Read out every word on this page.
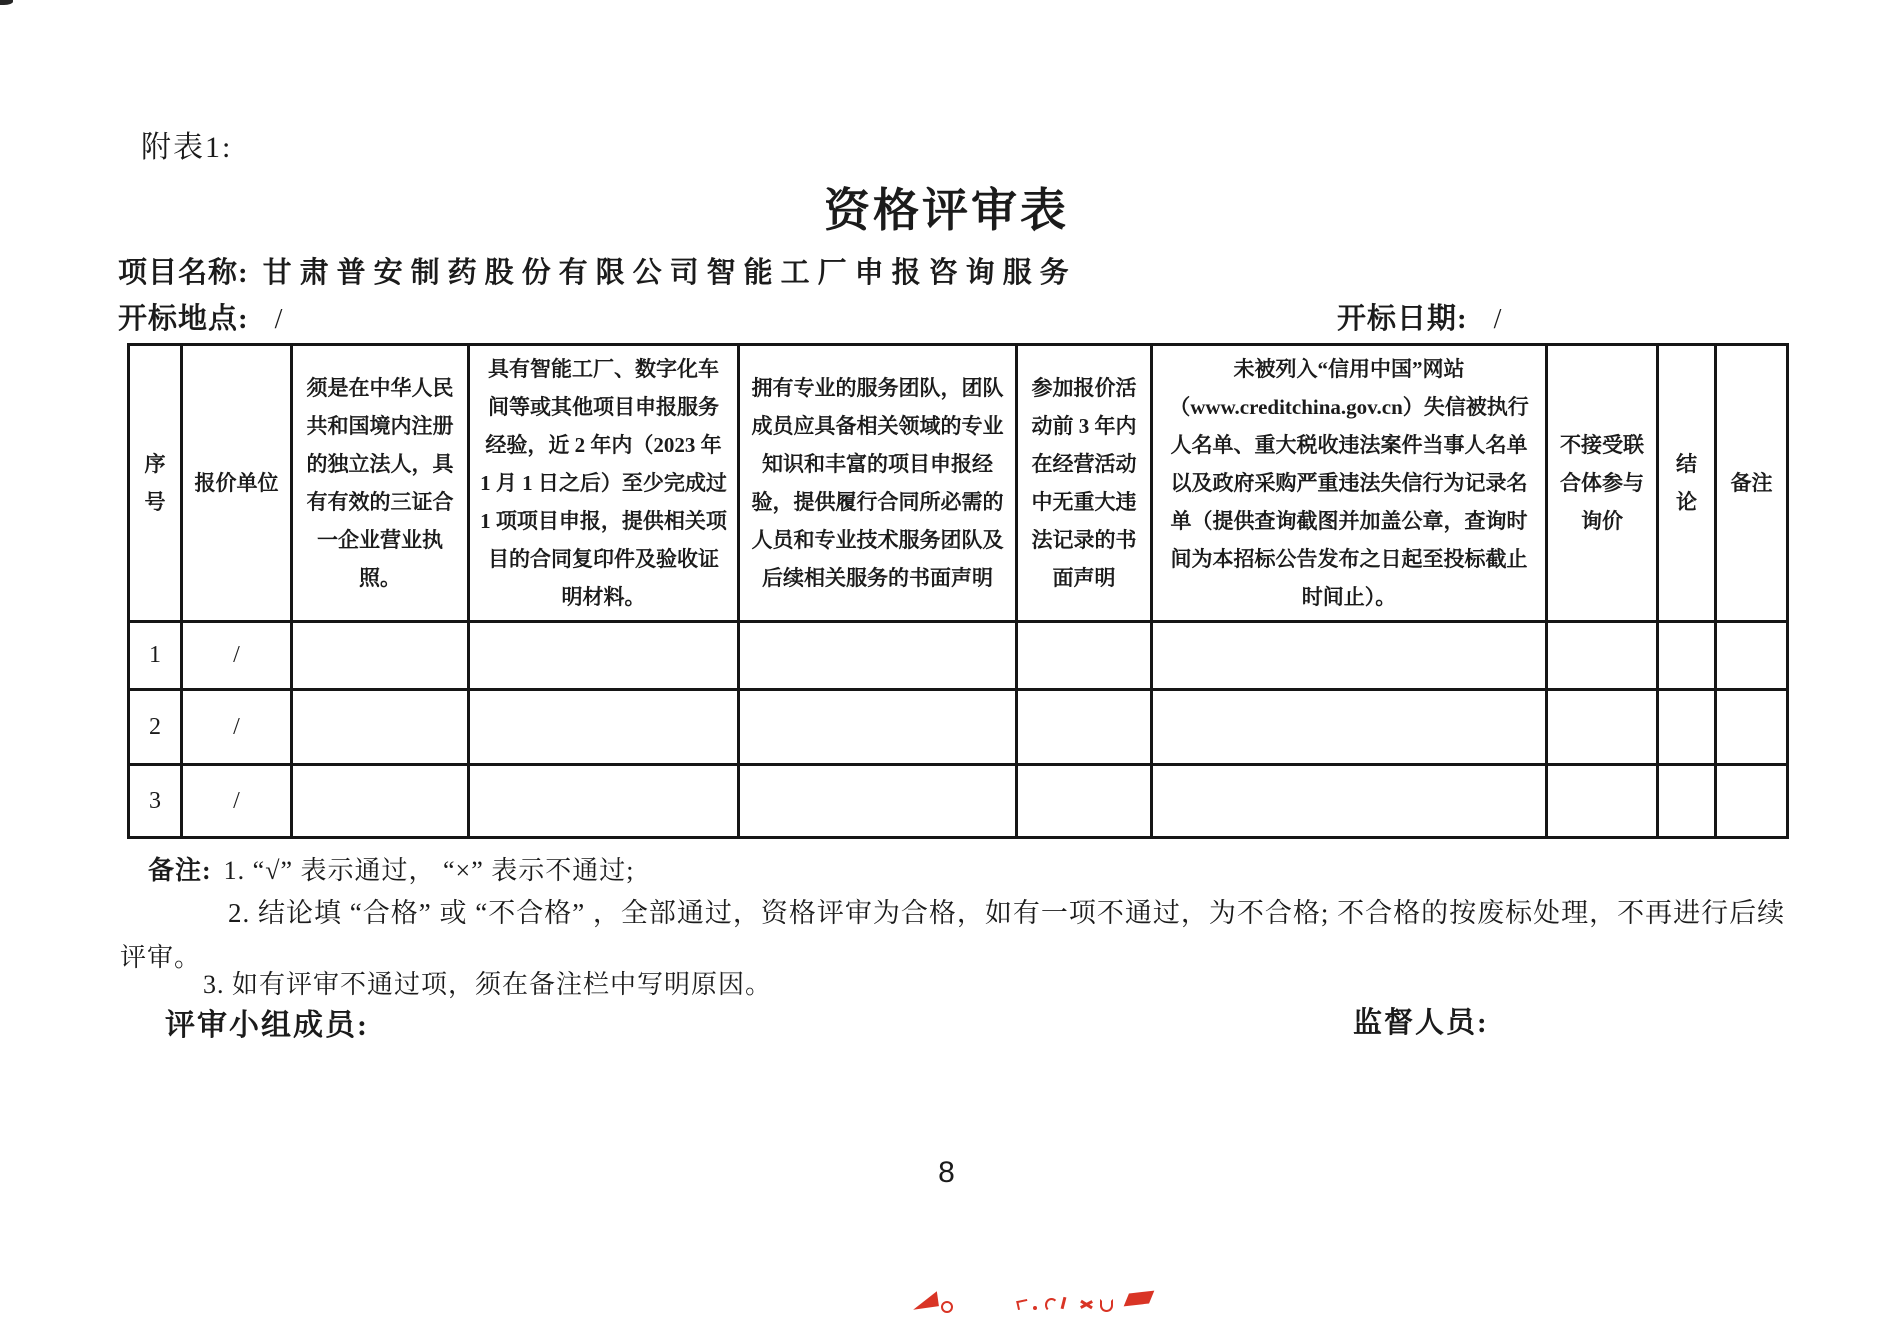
附表1:
资格评审表
项目名称: 甘肃普安制药股份有限公司智能工厂申报咨询服务
开标地点: /	开标日期: /
序号	报价单位	须是在中华人民共和国境内注册的独立法人，具有有效的三证合一企业营业执照。	具有智能工厂、数字化车间等或其他项目申报服务经验，近 2 年内（2023 年 1 月 1 日之后）至少完成过 1 项项目申报，提供相关项目的合同复印件及验收证明材料。	拥有专业的服务团队，团队成员应具备相关领域的专业知识和丰富的项目申报经验，提供履行合同所必需的人员和专业技术服务团队及后续相关服务的书面声明	参加报价活动前 3 年内在经营活动中无重大违法记录的书面声明	未被列入“信用中国”网站（www.creditchina.gov.cn）失信被执行人名单、重大税收违法案件当事人名单以及政府采购严重违法失信行为记录名单（提供查询截图并加盖公章，查询时间为本招标公告发布之日起至投标截止时间止）。	不接受联合体参与询价	结论	备注
1	/								
2	/								
3	/								
备注: 1. “√” 表示通过， “×” 表示不通过;
2. 结论填 “合格” 或 “不合格” ，全部通过，资格评审为合格，如有一项不通过，为不合格; 不合格的按废标处理，不再进行后续
评审。
3. 如有评审不通过项，须在备注栏中写明原因。
评审小组成员:	监督人员:
8
